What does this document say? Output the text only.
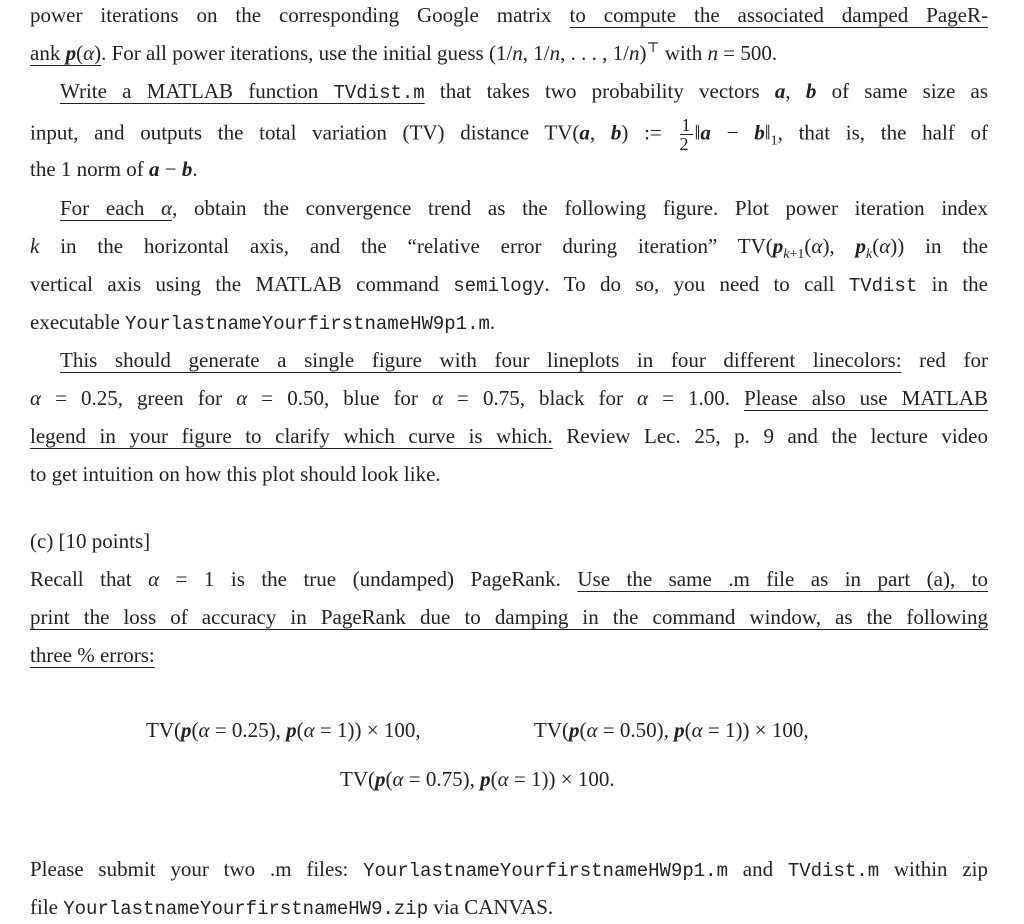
power iterations on the corresponding Google matrix to compute the associated damped PageR-
ank p(α). For all power iterations, use the initial guess (1/n, 1/n, . . . , 1/n)⊤ with n = 500.
Write a MATLAB function TVdist.m that takes two probability vectors a, b of same size as
input, and outputs the total variation (TV) distance TV(a, b) := $\frac{1}{2}$ ‖a − $b‖_1$, that is, the half of
the 1 norm of a − b.
For each α, obtain the convergence trend as the following figure. Plot power iteration index
k in the horizontal axis, and the “relative error during iteration” $TV(p_{k+1}(\alpha)$, $p_k(\alpha)$) in the
vertical axis using the MATLAB command semilogy. To do so, you need to call TVdist in the
executable YourlastnameYourfirstnameHW9p1.m.
This should generate a single figure with four lineplots in four different linecolors: red for
α = 0.25, green for α = 0.50, blue for α = 0.75, black for α = 1.00. Please also use MATLAB
legend in your figure to clarify which curve is which. Review Lec. 25, p. 9 and the lecture video
to get intuition on how this plot should look like.
(c) [10 points]
Recall that α = 1 is the true (undamped) PageRank. Use the same .m file as in part (a), to
print the loss of accuracy in PageRank due to damping in the command window, as the following
three % errors:
TV(p(α = 0.25), p(α = 1)) × 100,	TV(p(α = 0.50), p(α = 1)) × 100,
TV(p(α = 0.75), p(α = 1)) × 100.
Please submit your two .m files: YourlastnameYourfirstnameHW9p1.m and TVdist.m within zip
file YourlastnameYourfirstnameHW9.zip via CANVAS.
